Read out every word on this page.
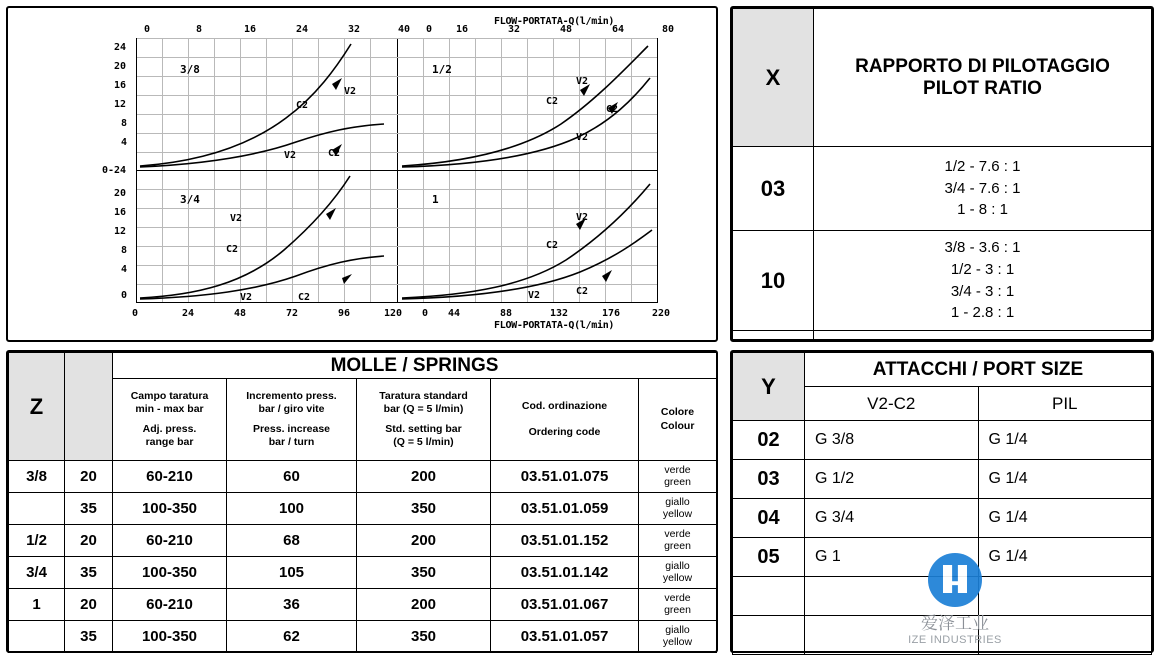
FLOW-PORTATA-Q(l/min)
FLOW-PORTATA-Q(l/min)
3/8	1/2
3/4	1
C2
V2
V2	C2
C2
V2
V2
C2
V2
C2
V2	C2
V2
C2
V2	C2
0	8	16	24	32	40 0 16	32	48	64	80
0	24	48	72	96	120 0 44	88	132	176	220
24
20
16
12
8
4
0-24
20
16
12
8
4
0
X	RAPPORTO DI PILOTAGGIO
PILOT RATIO

03	1/2 - 7.6 : 1
3/4 - 7.6 : 1
1 - 8 : 1

10	3/8 - 3.6 : 1
1/2 - 3 : 1
3/4 - 3 : 1
1 - 2.8 : 1

Z		MOLLE / SPRINGS				

Campo taratura
min - max bar
Adj. press.
range bar

Incremento press.
bar / giro vite
Press. increase
bar / turn

Taratura standard
bar (Q = 5 l/min)
Std. setting bar
(Q = 5 l/min)

Cod. ordinazione
Ordering code

Colore
Colour

3/8	20	60-210	60	200	03.51.01.075	verde
green

	35	100-350	100	350	03.51.01.059	giallo
yellow

1/2	20	60-210	68	200	03.51.01.152	verde
green

3/4	35	100-350	105	350	03.51.01.142	giallo
yellow

1	20	60-210	36	200	03.51.01.067	verde
green

	35	100-350	62	350	03.51.01.057	giallo
yellow
Y	ATTACCHI / PORT SIZE	
	V2-C2	PIL
02	G 3/8	G 1/4
03	G 1/2	G 1/4
04	G 3/4	G 1/4
05	G 1	G 1/4

爱泽工业
IZE INDUSTRIES
